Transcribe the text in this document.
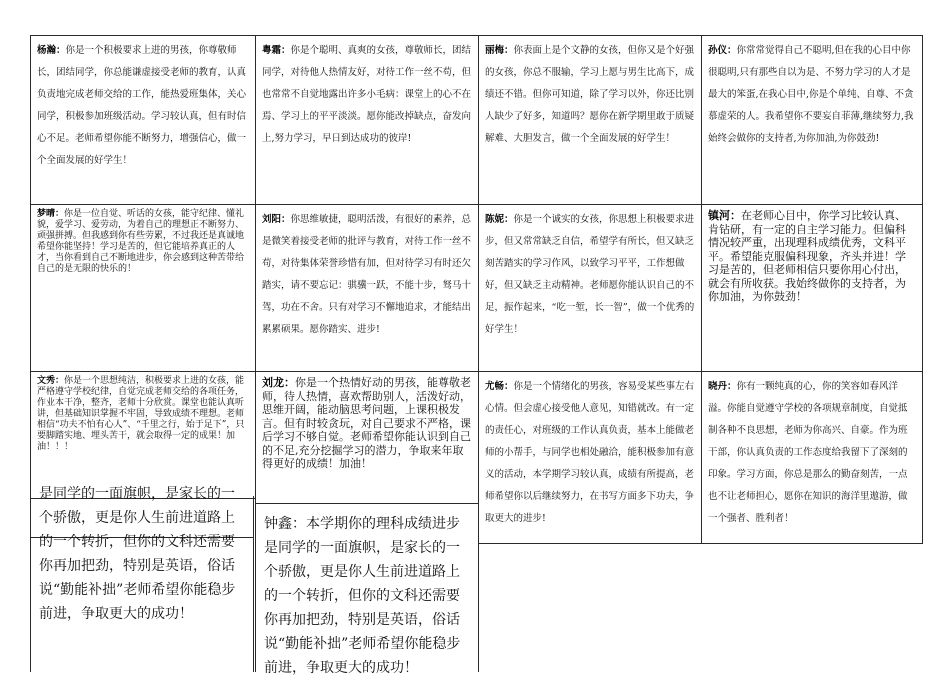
杨瀚：你是一个积极要求上进的男孩，你尊敬师长，团结同学，你总能谦虚接受老师的教育，认真负责地完成老师交给的工作，能热爱班集体，关心同学，积极参加班级活动。学习较认真，但有时信心不足。老师希望你能不断努力，增强信心，做一个全面发展的好学生！
粤霜：你是个聪明、真爽的女孩，尊敬师长，团结同学，对待他人热情友好，对待工作一丝不苟，但也常常不自觉地露出许多小毛病：课堂上的心不在焉、学习上的平平淡淡。愿你能改掉缺点，奋发向上,努力学习，早日到达成功的彼岸!
丽梅：你表面上是个文静的女孩，但你又是个好强的女孩，你总不服输，学习上愿与男生比高下，成绩还不错。但你可知道，除了学习以外，你还比别人缺少了好多，知道吗？愿你在新学期里敢于质疑解难、大胆发言，做一个全面发展的好学生！
孙仪：你常常觉得自己不聪明,但在我的心目中你很聪明,只有那些自以为是、不努力学习的人才是最大的笨蛋,在我心目中,你是个单纯、自尊、不贪慕虚荣的人。我希望你不要妄自菲薄,继续努力,我始终会做你的支持者,为你加油,为你鼓劲!
梦晴：你是一位自觉、听话的女孩，能守纪律、懂礼貌，爱学习、爱劳动，为着自己的理想正不断努力、顽强拼搏。但我感到你有些劳累，不过我还是真诚地希望你能坚持！学习是苦的，但它能培养真正的人才，当你看到自己不断地进步，你会感到这种苦带给自己的是无限的快乐的！
刘阳：你思维敏捷，聪明活泼，有很好的素养，总是微笑着接受老师的批评与教育，对待工作一丝不苟，对待集体荣誉珍惜有加，但对待学习有时还欠踏实，请不要忘记：骐骥一跃，不能十步，驽马十驾，功在不舍。只有对学习不懈地追求，才能结出累累硕果。愿你踏实、进步!
陈妮：你是一个诚实的女孩，你思想上积极要求进步，但又常常缺乏自信，希望学有所长，但又缺乏刻苦踏实的学习作风，以致学习平平，工作想做好，但又缺乏主动精神。老师愿你能认识自己的不足，振作起来，“吃一堑，长一智”，做一个优秀的好学生！
镇河：在老师心目中，你学习比较认真、肯钻研，有一定的自主学习能力。但偏科情况较严重，出现理科成绩优秀，文科平平。希望能克服偏科现象，齐头并进！学习是苦的，但老师相信只要你用心付出，就会有所收获。我始终做你的支持者，为你加油，为你鼓劲！
文秀：你是一个思想纯洁，积极要求上进的女孩，能严格遵守学校纪律，自觉完成老师交给的各项任务，作业本干净，整齐，老师十分欣赏。课堂也能认真听讲，但基础知识掌握不牢固，导致成绩不理想。老师相信“功夫不怕有心人”、“千里之行，始于足下”，只要脚踏实地、埋头苦干，就会取得一定的成果！加油！！！
刘龙：你是一个热情好动的男孩，能尊敬老师，待人热情，喜欢帮助别人，活泼好动，思维开阔，能动脑思考问题，上课积极发言。但有时较贪玩，对自己要求不严格，课后学习不够自觉。老师希望你能认识到自己的不足,充分挖掘学习的潜力，争取来年取得更好的成绩！加油！
尤畅：你是一个情绪化的男孩，容易受某些事左右心情。但会虚心接受他人意见，知错就改。有一定的责任心，对班级的工作认真负责，基本上能做老师的小帮手，与同学也相处融洽，能积极参加有意义的活动，本学期学习较认真，成绩有所提高，老师希望你以后继续努力，在书写方面多下功夫，争取更大的进步!
晓丹：你有一颗纯真的心，你的笑容如春风洋溢。你能自觉遵守学校的各项规章制度，自觉抵制各种不良思想，老师为你高兴、自豪。作为班干部，你认真负责的工作态度给我留下了深刻的印象。学习方面，你总是那么的勤奋刻苦，一点也不让老师担心，愿你在知识的海洋里遨游，做一个强者、胜利者！
是同学的一面旗帜，是家长的一个骄傲，更是你人生前进道路上的一个转折，但你的文科还需要你再加把劲，特别是英语，俗话说“勤能补拙”老师希望你能稳步前进，争取更大的成功！
钟鑫：本学期你的理科成绩进步是同学的一面旗帜，是家长的一个骄傲，更是你人生前进道路上的一个转折，但你的文科还需要你再加把劲，特别是英语，俗话说“勤能补拙”老师希望你能稳步前进，争取更大的成功！
